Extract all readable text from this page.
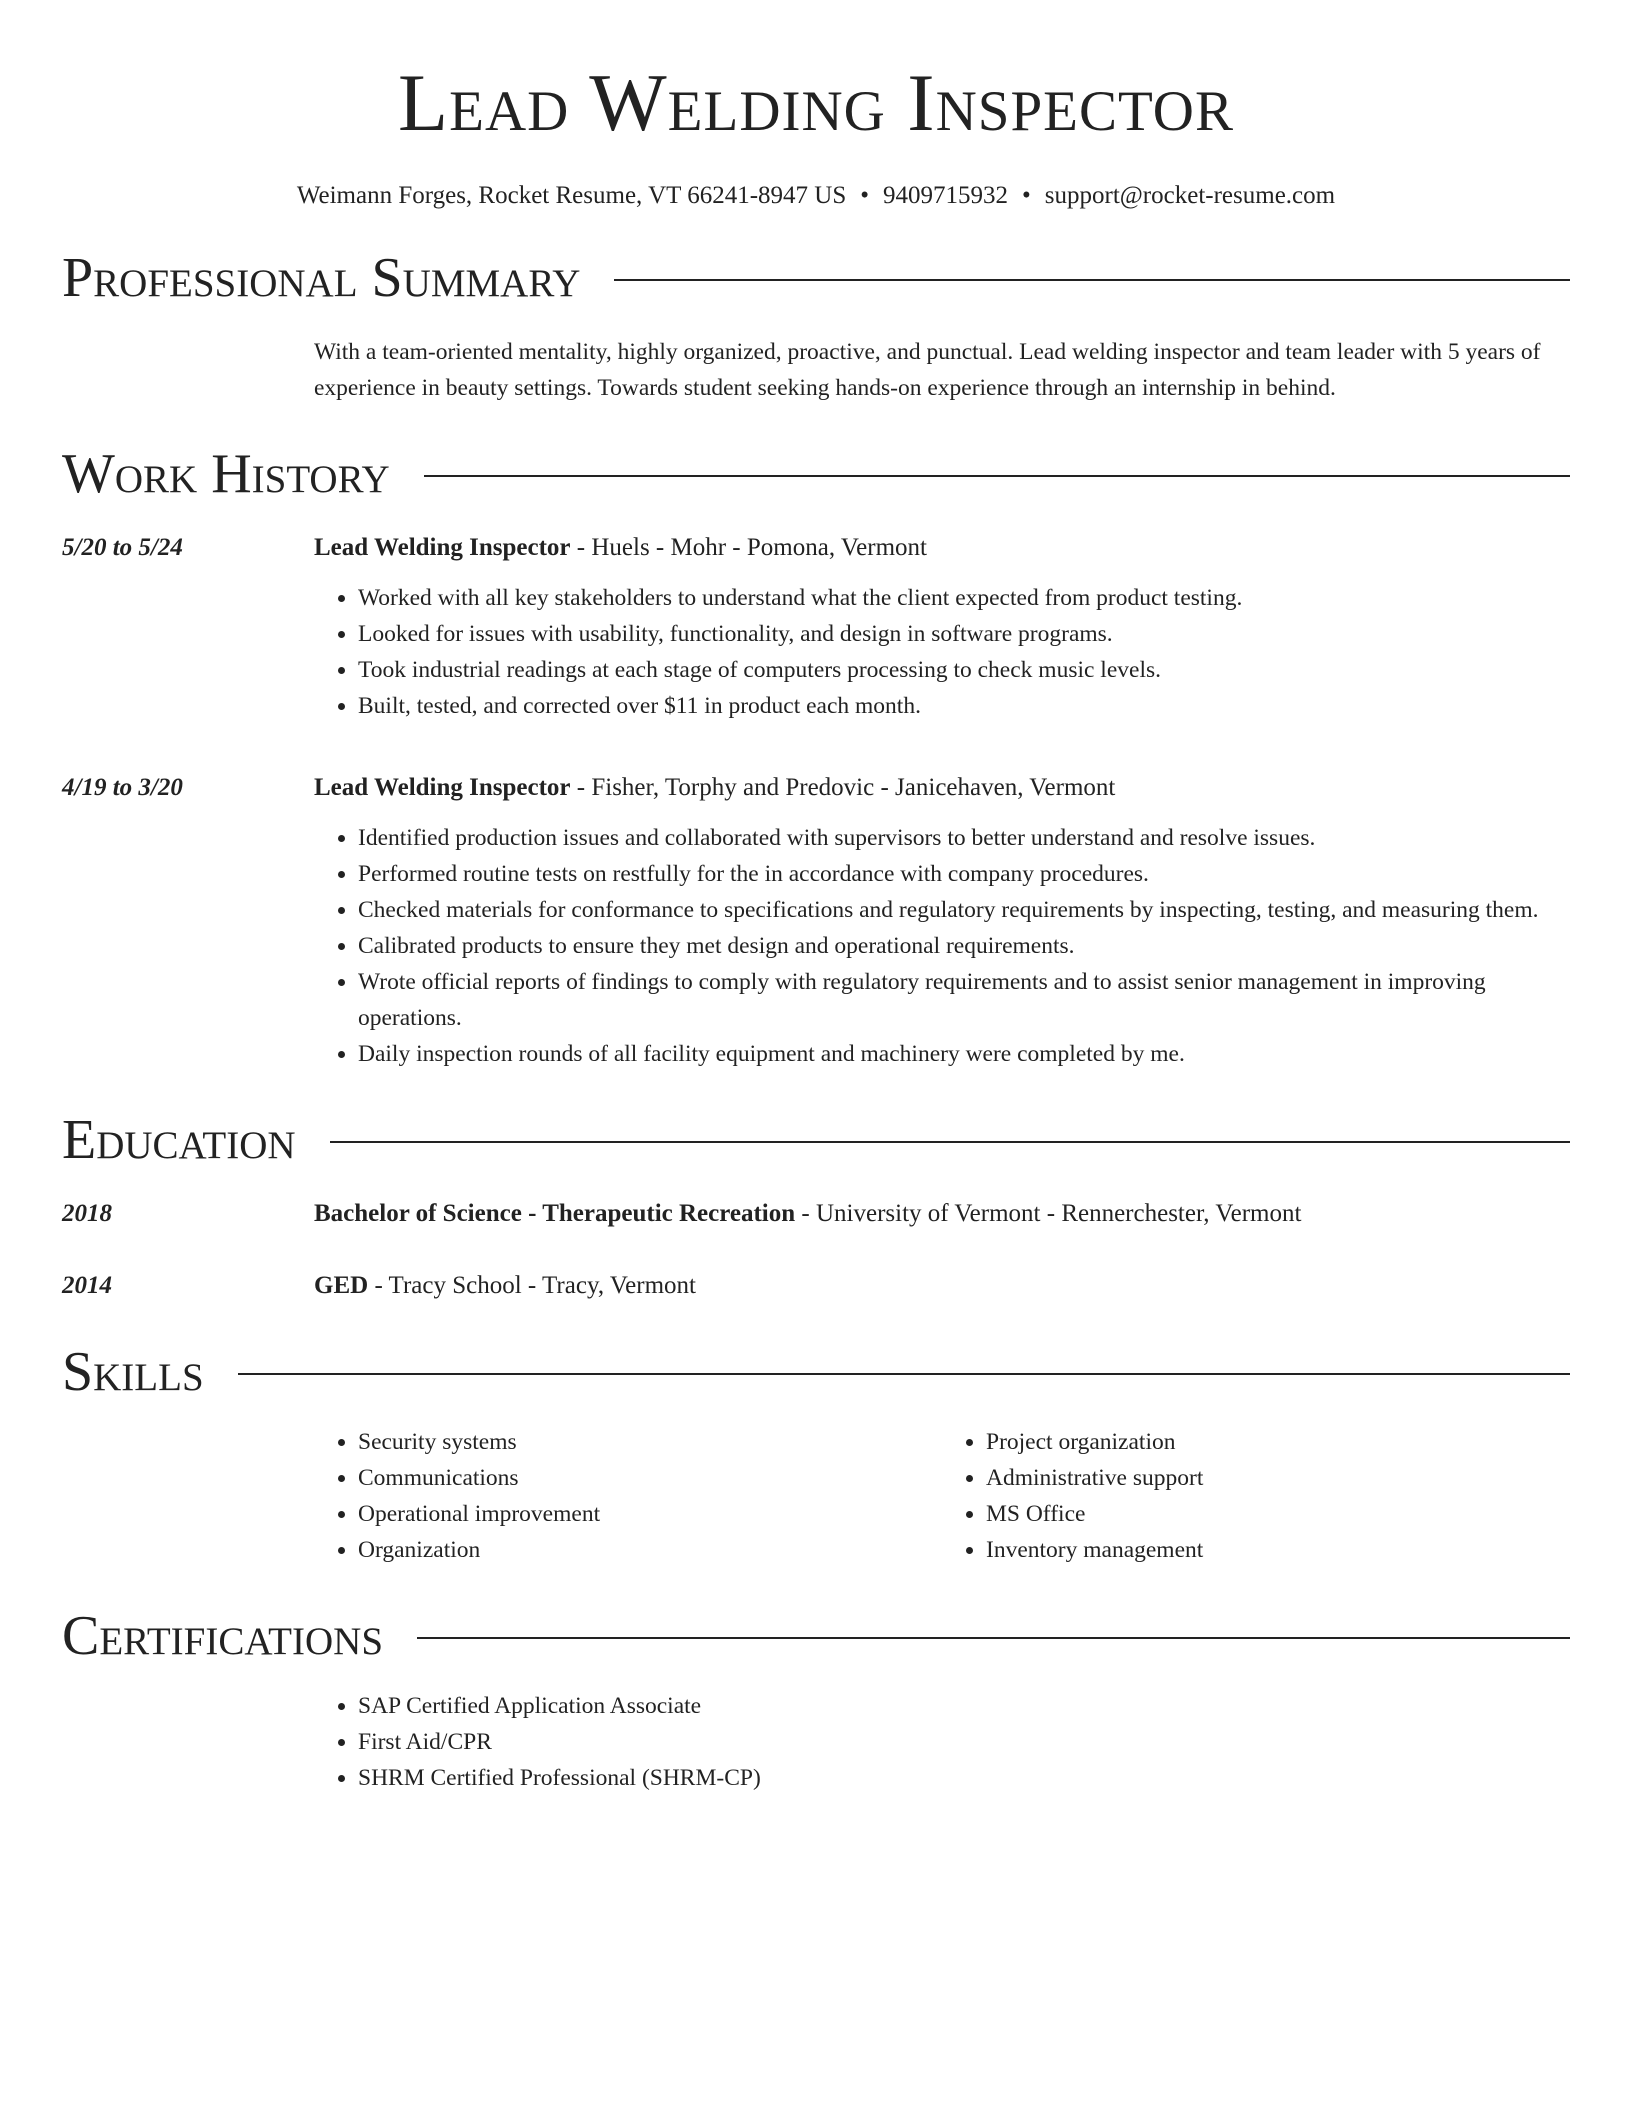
Lead Welding Inspector
Weimann Forges, Rocket Resume, VT 66241-8947 US • 9409715932 • support@rocket-resume.com
Professional Summary
With a team-oriented mentality, highly organized, proactive, and punctual. Lead welding inspector and team leader with 5 years of experience in beauty settings. Towards student seeking hands-on experience through an internship in behind.
Work History
5/20 to 5/24	Lead Welding Inspector - Huels - Mohr - Pomona, Vermont
• Worked with all key stakeholders to understand what the client expected from product testing.
• Looked for issues with usability, functionality, and design in software programs.
• Took industrial readings at each stage of computers processing to check music levels.
• Built, tested, and corrected over $11 in product each month.
4/19 to 3/20	Lead Welding Inspector - Fisher, Torphy and Predovic - Janicehaven, Vermont
• Identified production issues and collaborated with supervisors to better understand and resolve issues.
• Performed routine tests on restfully for the in accordance with company procedures.
• Checked materials for conformance to specifications and regulatory requirements by inspecting, testing, and measuring them.
• Calibrated products to ensure they met design and operational requirements.
• Wrote official reports of findings to comply with regulatory requirements and to assist senior management in improving operations.
• Daily inspection rounds of all facility equipment and machinery were completed by me.
Education
2018	Bachelor of Science - Therapeutic Recreation - University of Vermont - Rennerchester, Vermont
2014	GED - Tracy School - Tracy, Vermont
Skills
• Security systems
• Communications
• Operational improvement
• Organization
• Project organization
• Administrative support
• MS Office
• Inventory management
Certifications
• SAP Certified Application Associate
• First Aid/CPR
• SHRM Certified Professional (SHRM-CP)
